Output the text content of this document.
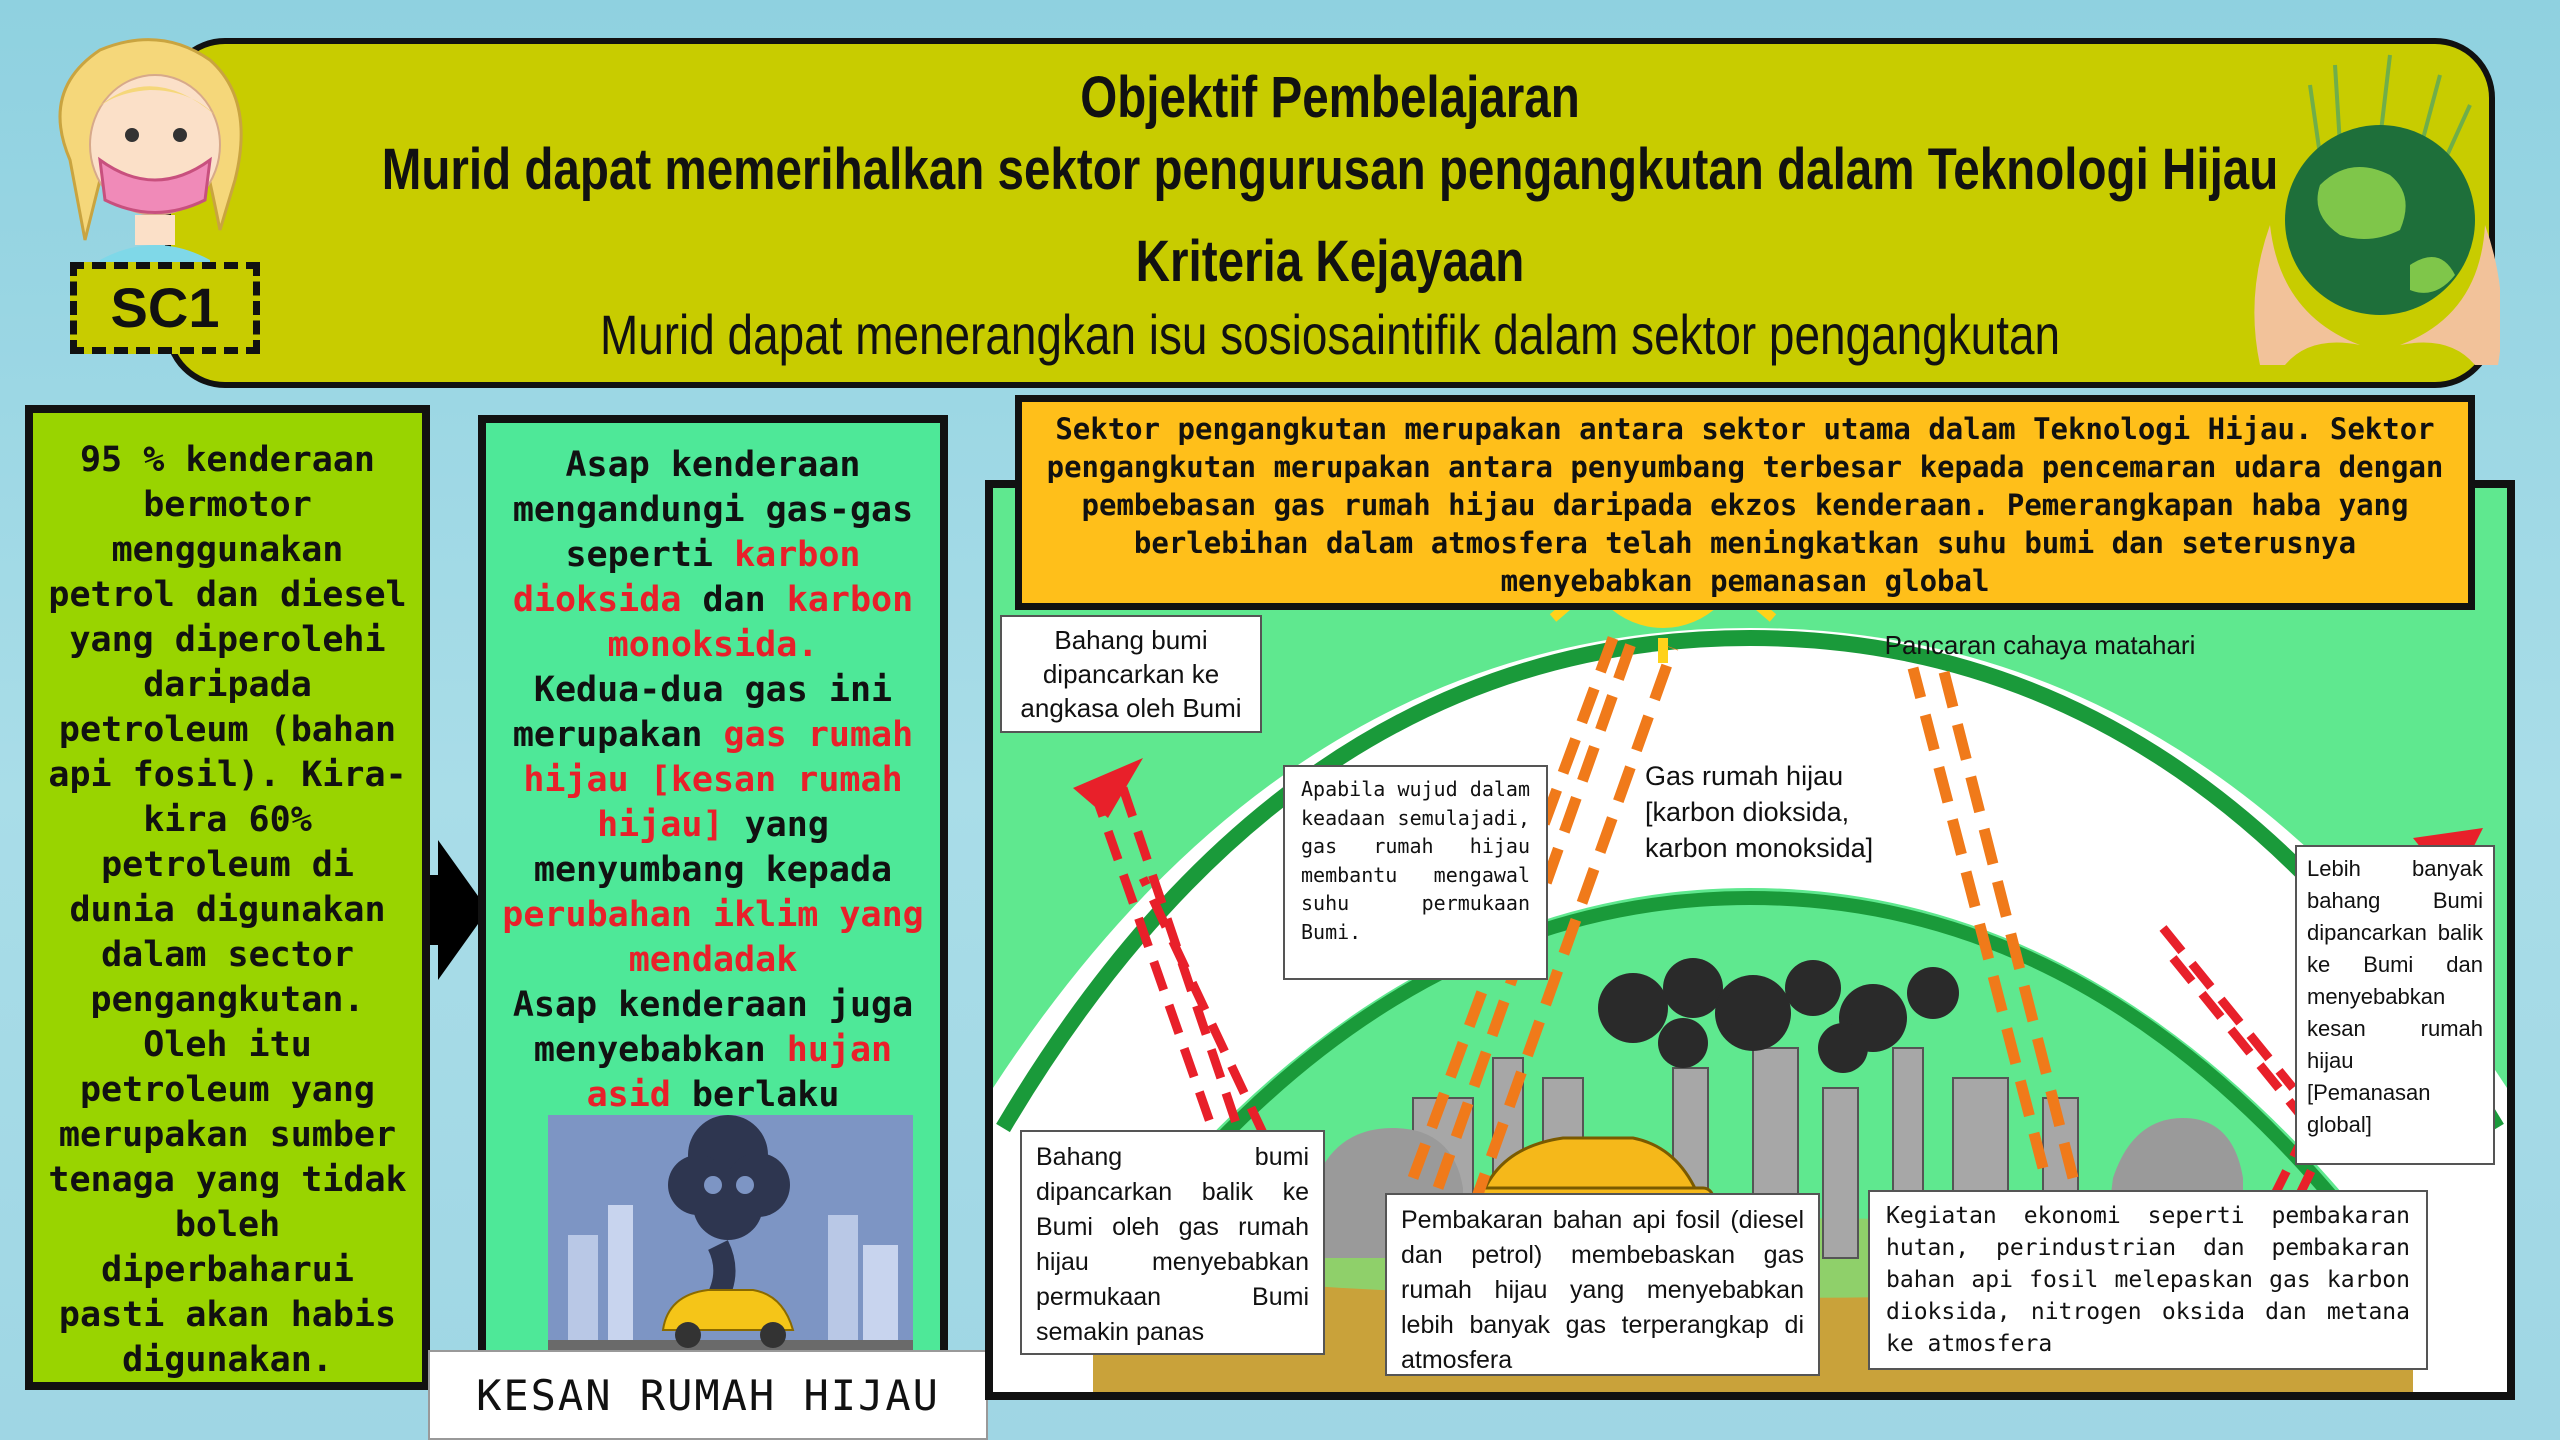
Objektif Pembelajaran
Murid dapat memerihalkan sektor pengurusan pengangkutan dalam Teknologi Hijau
Kriteria Kejayaan
Murid dapat menerangkan isu sosiosaintifik dalam sektor pengangkutan
SC1
95 % kenderaan bermotor menggunakan petrol dan diesel yang diperolehi daripada petroleum (bahan api fosil). Kira-kira 60% petroleum di dunia digunakan dalam sector pengangkutan. Oleh itu petroleum yang merupakan sumber tenaga yang tidak boleh diperbaharui pasti akan habis digunakan.
Asap kenderaan mengandungi gas-gas seperti karbon dioksida dan karbon monoksida.
Kedua-dua gas ini merupakan gas rumah hijau [kesan rumah hijau] yang menyumbang kepada perubahan iklim yang mendadak
Asap kenderaan juga menyebabkan hujan asid berlaku
KESAN RUMAH HIJAU
Sektor pengangkutan merupakan antara sektor utama dalam Teknologi Hijau. Sektor pengangkutan merupakan antara penyumbang terbesar kepada pencemaran udara dengan pembebasan gas rumah hijau daripada ekzos kenderaan. Pemerangkapan haba yang berlebihan dalam atmosfera telah meningkatkan suhu bumi dan seterusnya menyebabkan pemanasan global
Bahang bumi dipancarkan ke angkasa oleh Bumi
Pancaran cahaya matahari
Apabila wujud dalam keadaan semulajadi, gas rumah hijau membantu mengawal suhu permukaan Bumi.
Gas rumah hijau [karbon dioksida, karbon monoksida]
Lebih banyak bahang Bumi dipancarkan balik ke Bumi dan menyebabkan kesan rumah hijau [Pemanasan global]
Bahang bumi dipancarkan balik ke Bumi oleh gas rumah hijau menyebabkan permukaan Bumi semakin panas
Pembakaran bahan api fosil (diesel dan petrol) membebaskan gas rumah hijau yang menyebabkan lebih banyak gas terperangkap di atmosfera
Kegiatan ekonomi seperti pembakaran hutan, perindustrian dan pembakaran bahan api fosil melepaskan gas karbon dioksida, nitrogen oksida dan metana ke atmosfera
